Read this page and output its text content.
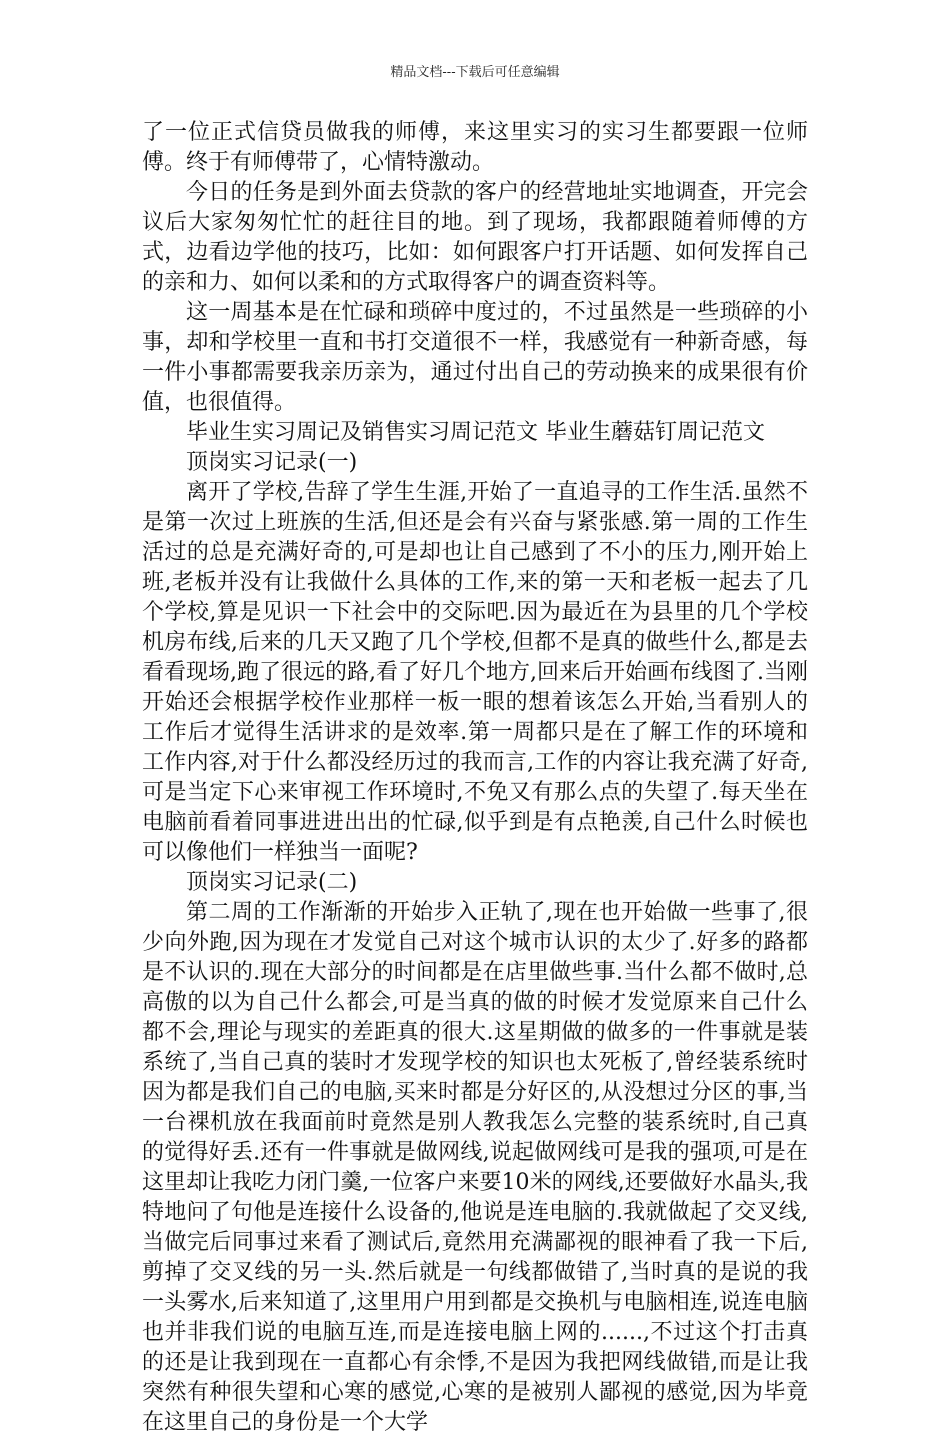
精品文档---下载后可任意编辑

了一位正式信贷员做我的师傅，来这里实习的实习生都要跟一位师傅。终于有师傅带了，心情特激动。

今日的任务是到外面去贷款的客户的经营地址实地调查，开完会议后大家匆匆忙忙的赶往目的地。到了现场，我都跟随着师傅的方式，边看边学他的技巧，比如：如何跟客户打开话题、如何发挥自己的亲和力、如何以柔和的方式取得客户的调查资料等。

这一周基本是在忙碌和琐碎中度过的，不过虽然是一些琐碎的小事，却和学校里一直和书打交道很不一样，我感觉有一种新奇感，每一件小事都需要我亲历亲为，通过付出自己的劳动换来的成果很有价值，也很值得。

毕业生实习周记及销售实习周记范文 毕业生蘑菇钉周记范文

顶岗实习记录(一)

离开了学校,告辞了学生生涯,开始了一直追寻的工作生活.虽然不是第一次过上班族的生活,但还是会有兴奋与紧张感.第一周的工作生活过的总是充满好奇的,可是却也让自己感到了不小的压力,刚开始上班,老板并没有让我做什么具体的工作,来的第一天和老板一起去了几个学校,算是见识一下社会中的交际吧.因为最近在为县里的几个学校机房布线,后来的几天又跑了几个学校,但都不是真的做些什么,都是去看看现场,跑了很远的路,看了好几个地方,回来后开始画布线图了.当刚开始还会根据学校作业那样一板一眼的想着该怎么开始,当看别人的工作后才觉得生活讲求的是效率.第一周都只是在了解工作的环境和工作内容,对于什么都没经历过的我而言,工作的内容让我充满了好奇,可是当定下心来审视工作环境时,不免又有那么点的失望了.每天坐在电脑前看着同事进进出出的忙碌,似乎到是有点艳羡,自己什么时候也可以像他们一样独当一面呢?

顶岗实习记录(二)

第二周的工作渐渐的开始步入正轨了,现在也开始做一些事了,很少向外跑,因为现在才发觉自己对这个城市认识的太少了.好多的路都是不认识的.现在大部分的时间都是在店里做些事.当什么都不做时,总高傲的以为自己什么都会,可是当真的做的时候才发觉原来自己什么都不会,理论与现实的差距真的很大.这星期做的做多的一件事就是装系统了,当自己真的装时才发现学校的知识也太死板了,曾经装系统时因为都是我们自己的电脑,买来时都是分好区的,从没想过分区的事,当一台裸机放在我面前时竟然是别人教我怎么完整的装系统时,自己真的觉得好丢.还有一件事就是做网线,说起做网线可是我的强项,可是在这里却让我吃力闭门羹,一位客户来要10米的网线,还要做好水晶头,我特地问了句他是连接什么设备的,他说是连电脑的.我就做起了交叉线,当做完后同事过来看了测试后,竟然用充满鄙视的眼神看了我一下后,剪掉了交叉线的另一头.然后就是一句线都做错了,当时真的是说的我一头雾水,后来知道了,这里用户用到都是交换机与电脑相连,说连电脑也并非我们说的电脑互连,而是连接电脑上网的......,不过这个打击真的还是让我到现在一直都心有余悸,不是因为我把网线做错,而是让我突然有种很失望和心寒的感觉,心寒的是被别人鄙视的感觉,因为毕竟在这里自己的身份是一个大学
